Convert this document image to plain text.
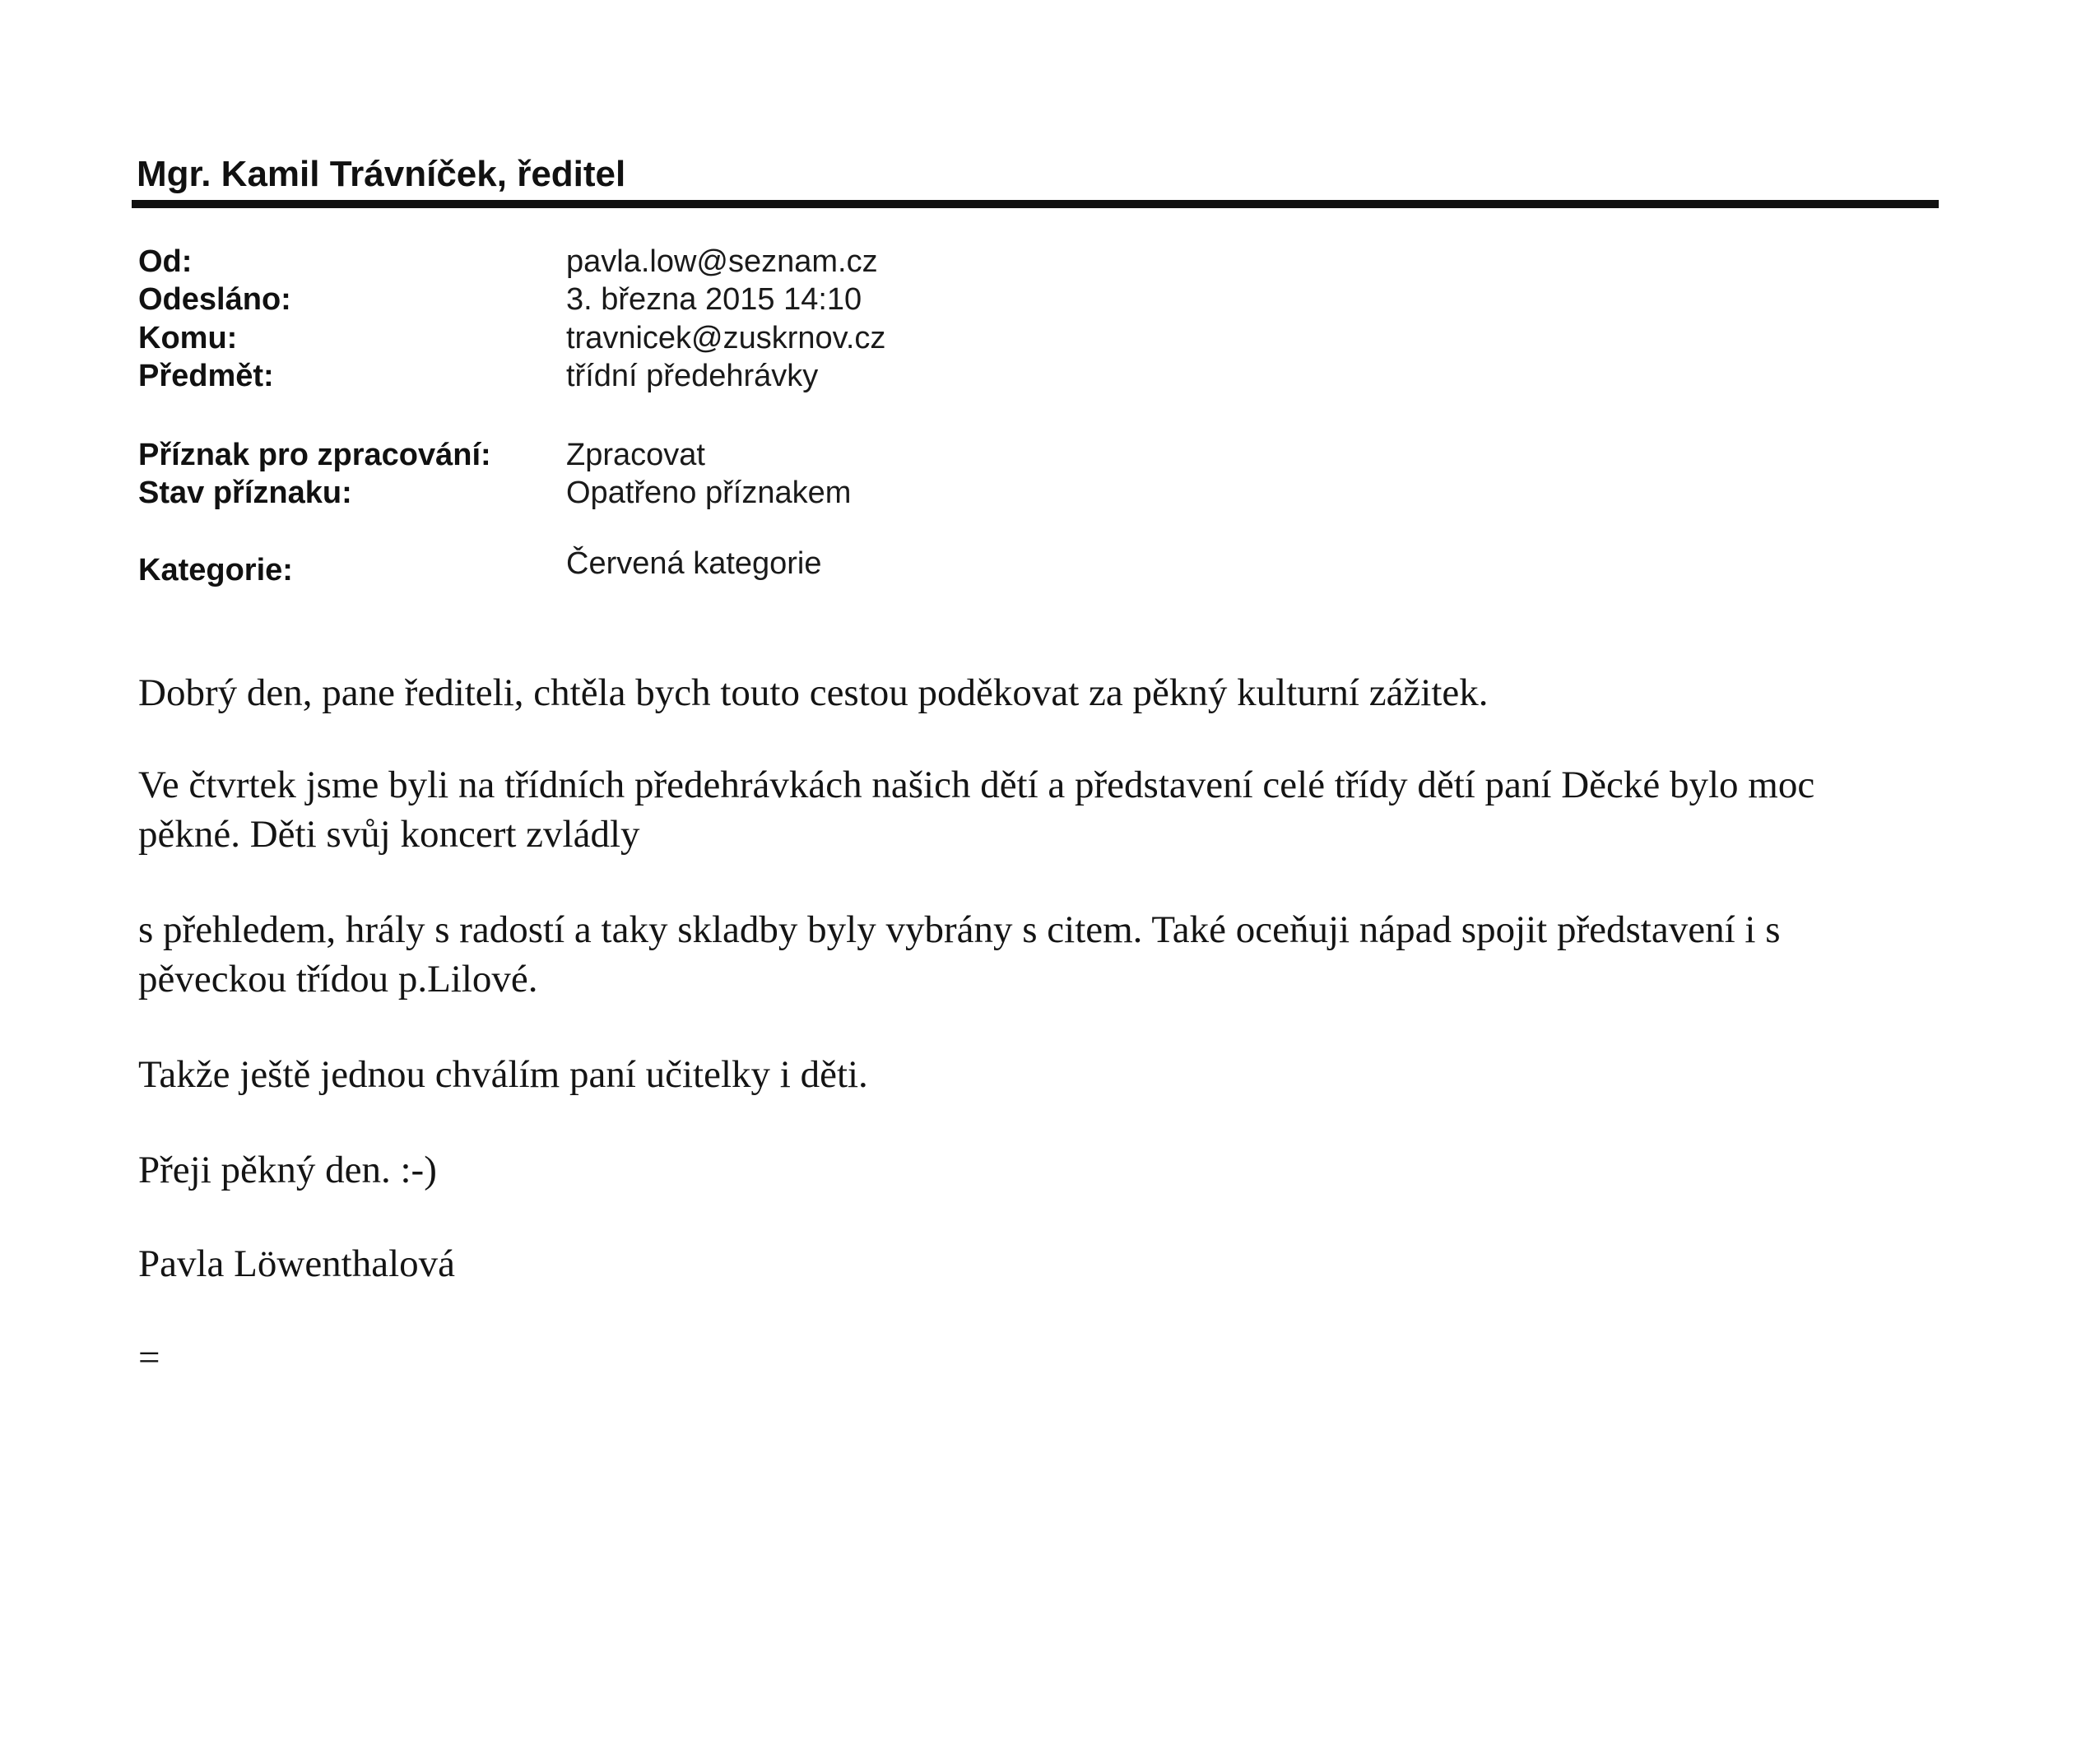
Mgr. Kamil Trávníček, ředitel
Od:	pavla.low@seznam.cz
Odesláno:	3. března 2015 14:10
Komu:	travnicek@zuskrnov.cz
Předmět:	třídní předehrávky
Příznak pro zpracování: Zpracovat
Stav příznaku:	Opatřeno příznakem
Kategorie:	Červená kategorie

Dobrý den, pane řediteli, chtěla bych touto cestou poděkovat za pěkný kulturní zážitek.

Ve čtvrtek jsme byli na třídních předehrávkách našich dětí a představení celé třídy dětí paní Děcké bylo moc

pěkné. Děti svůj koncert zvládly

s přehledem, hrály s radostí a taky skladby byly vybrány s citem. Také oceňuji nápad spojit představení i s

pěveckou třídou p.Lilové.

Takže ještě jednou chválím paní učitelky i děti.

Přeji pěkný den. :-)

Pavla Löwenthalová

=
